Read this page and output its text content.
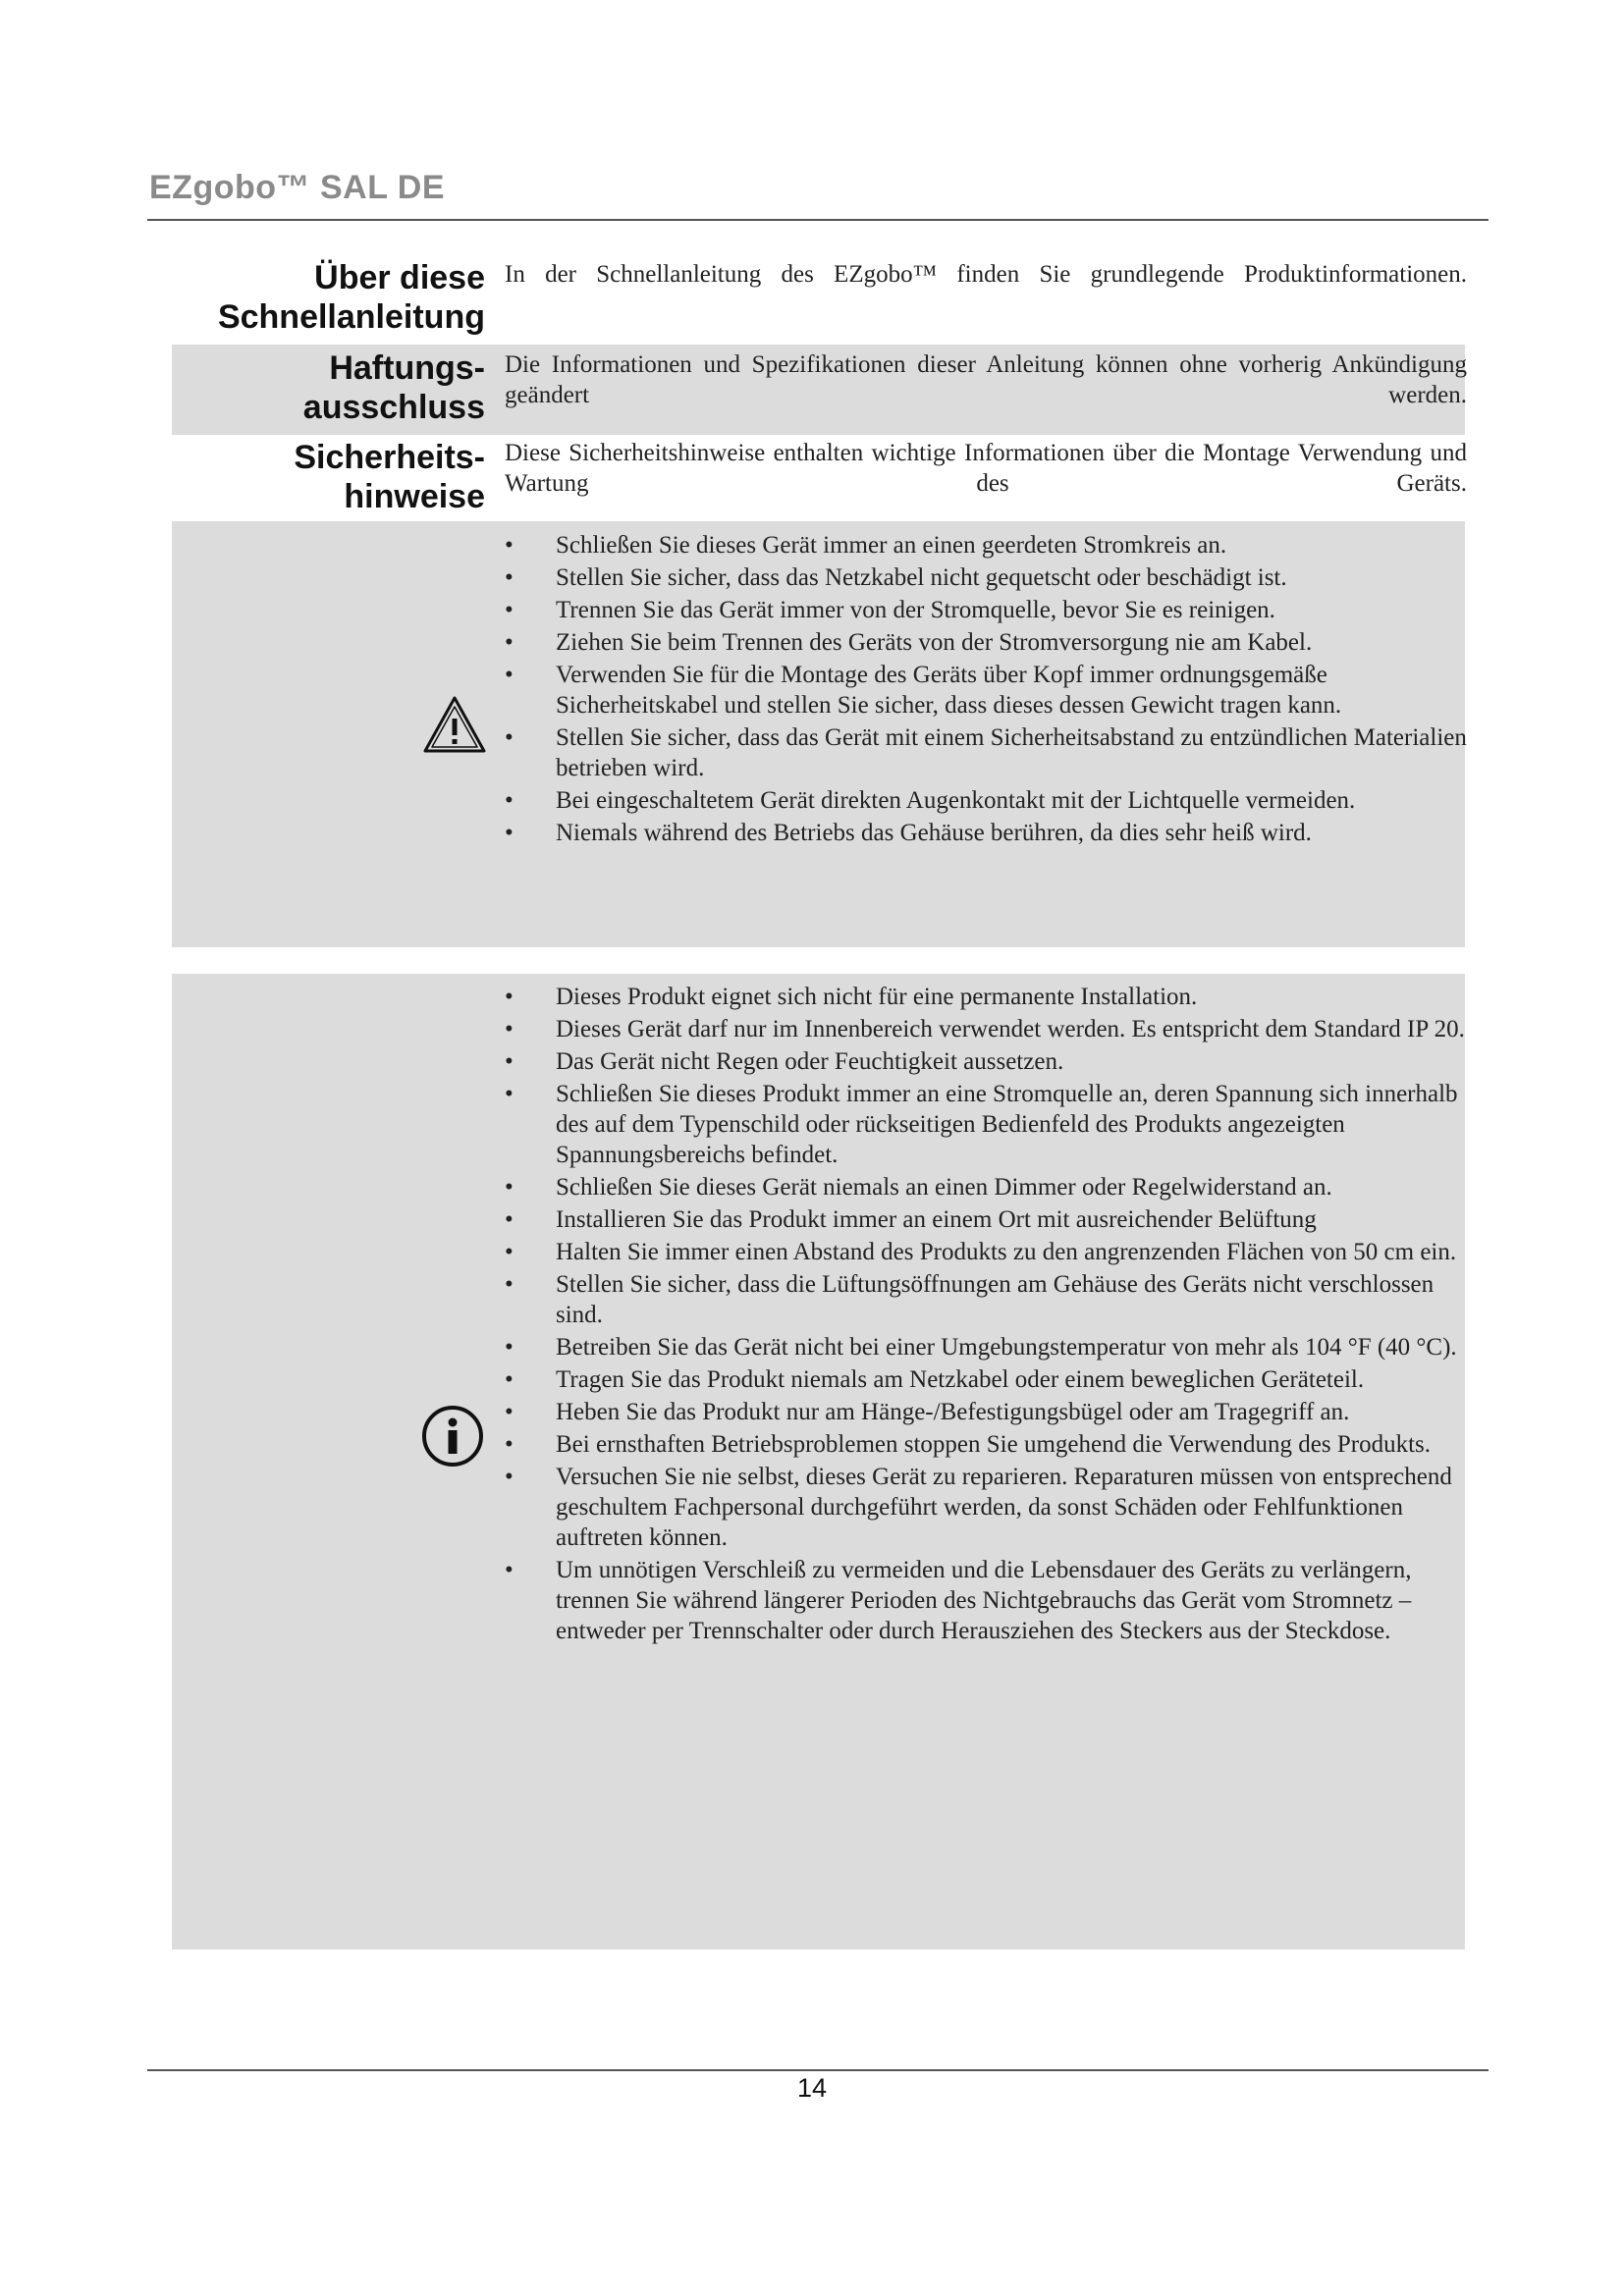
EZgobo™ SAL DE
Über diese
Schnellanleitung
In der Schnellanleitung des EZgobo™ finden Sie grundlegende Produktinformationen.
Haftungs-
ausschluss
Die Informationen und Spezifikationen dieser Anleitung können ohne vorherig Ankündigung geändert werden.
Sicherheits-
hinweise
Diese Sicherheitshinweise enthalten wichtige Informationen über die Montage Verwendung und Wartung des Geräts.
• Schließen Sie dieses Gerät immer an einen geerdeten Stromkreis an.
• Stellen Sie sicher, dass das Netzkabel nicht gequetscht oder beschädigt ist.
• Trennen Sie das Gerät immer von der Stromquelle, bevor Sie es reinigen.
• Ziehen Sie beim Trennen des Geräts von der Stromversorgung nie am Kabel.
• Verwenden Sie für die Montage des Geräts über Kopf immer ordnungsgemäße Sicherheitskabel und stellen Sie sicher, dass dieses dessen Gewicht tragen kann.
• Stellen Sie sicher, dass das Gerät mit einem Sicherheitsabstand zu entzündlichen Materialien betrieben wird.
• Bei eingeschaltetem Gerät direkten Augenkontakt mit der Lichtquelle vermeiden.
• Niemals während des Betriebs das Gehäuse berühren, da dies sehr heiß wird.
• Dieses Produkt eignet sich nicht für eine permanente Installation.
• Dieses Gerät darf nur im Innenbereich verwendet werden. Es entspricht dem Standard IP 20.
• Das Gerät nicht Regen oder Feuchtigkeit aussetzen.
• Schließen Sie dieses Produkt immer an eine Stromquelle an, deren Spannung sich innerhalb des auf dem Typenschild oder rückseitigen Bedienfeld des Produkts angezeigten Spannungsbereichs befindet.
• Schließen Sie dieses Gerät niemals an einen Dimmer oder Regelwiderstand an.
• Installieren Sie das Produkt immer an einem Ort mit ausreichender Belüftung
• Halten Sie immer einen Abstand des Produkts zu den angrenzenden Flächen von 50 cm ein.
• Stellen Sie sicher, dass die Lüftungsöffnungen am Gehäuse des Geräts nicht verschlossen sind.
• Betreiben Sie das Gerät nicht bei einer Umgebungstemperatur von mehr als 104 °F (40 °C).
• Tragen Sie das Produkt niemals am Netzkabel oder einem beweglichen Geräteteil.
• Heben Sie das Produkt nur am Hänge-/Befestigungsbügel oder am Tragegriff an.
• Bei ernsthaften Betriebsproblemen stoppen Sie umgehend die Verwendung des Produkts.
• Versuchen Sie nie selbst, dieses Gerät zu reparieren. Reparaturen müssen von entsprechend geschultem Fachpersonal durchgeführt werden, da sonst Schäden oder Fehlfunktionen auftreten können.
• Um unnötigen Verschleiß zu vermeiden und die Lebensdauer des Geräts zu verlängern, trennen Sie während längerer Perioden des Nichtgebrauchs das Gerät vom Stromnetz – entweder per Trennschalter oder durch Herausziehen des Steckers aus der Steckdose.
14
